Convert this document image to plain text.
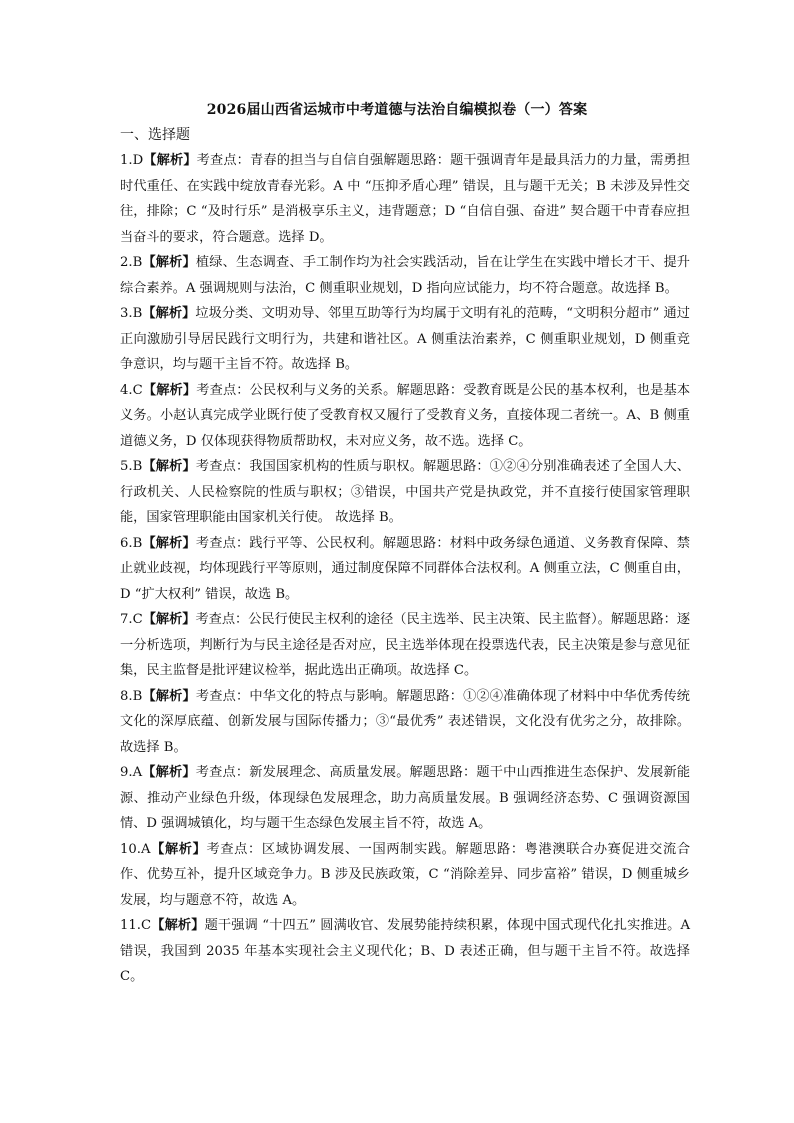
2026届山西省运城市中考道德与法治自编模拟卷（一）答案
一、选择题

1.D【解析】考查点：青春的担当与自信自强解题思路：题干强调青年是最具活力的力量，需勇担时代重任、在实践中绽放青春光彩。A 中 “压抑矛盾心理” 错误，且与题干无关；B 未涉及异性交往，排除；C “及时行乐” 是消极享乐主义，违背题意；D “自信自强、奋进” 契合题干中青春应担当奋斗的要求，符合题意。选择 D。

2.B【解析】植绿、生态调查、手工制作均为社会实践活动，旨在让学生在实践中增长才干、提升综合素养。A 强调规则与法治，C 侧重职业规划，D 指向应试能力，均不符合题意。故选择 B。

3.B【解析】垃圾分类、文明劝导、邻里互助等行为均属于文明有礼的范畴，“文明积分超市” 通过正向激励引导居民践行文明行为，共建和谐社区。A 侧重法治素养，C 侧重职业规划，D 侧重竞争意识，均与题干主旨不符。故选择 B。

4.C【解析】考查点：公民权利与义务的关系。解题思路：受教育既是公民的基本权利，也是基本义务。小赵认真完成学业既行使了受教育权又履行了受教育义务，直接体现二者统一。A、B 侧重道德义务，D 仅体现获得物质帮助权，未对应义务，故不选。选择 C。

5.B【解析】考查点：我国国家机构的性质与职权。解题思路：①②④分别准确表述了全国人大、行政机关、人民检察院的性质与职权；③错误，中国共产党是执政党，并不直接行使国家管理职能，国家管理职能由国家机关行使。 故选择 B。

6.B【解析】考查点：践行平等、公民权利。解题思路：材料中政务绿色通道、义务教育保障、禁止就业歧视，均体现践行平等原则，通过制度保障不同群体合法权利。A 侧重立法，C 侧重自由，D “扩大权利” 错误，故选 B。

7.C【解析】考查点：公民行使民主权利的途径（民主选举、民主决策、民主监督）。解题思路：逐一分析选项，判断行为与民主途径是否对应，民主选举体现在投票选代表，民主决策是参与意见征集，民主监督是批评建议检举，据此选出正确项。故选择 C。

8.B【解析】考查点：中华文化的特点与影响。解题思路：①②④准确体现了材料中中华优秀传统文化的深厚底蕴、创新发展与国际传播力；③“最优秀” 表述错误，文化没有优劣之分，故排除。故选择 B。

9.A【解析】考查点：新发展理念、高质量发展。解题思路：题干中山西推进生态保护、发展新能源、推动产业绿色升级，体现绿色发展理念，助力高质量发展。B 强调经济态势、C 强调资源国情、D 强调城镇化，均与题干生态绿色发展主旨不符，故选 A。

10.A【解析】考查点：区域协调发展、一国两制实践。解题思路：粤港澳联合办赛促进交流合作、优势互补，提升区域竞争力。B 涉及民族政策，C “消除差异、同步富裕” 错误，D 侧重城乡发展，均与题意不符，故选 A。

11.C【解析】题干强调 “十四五” 圆满收官、发展势能持续积累，体现中国式现代化扎实推进。A 错误，我国到 2035 年基本实现社会主义现代化；B、D 表述正确，但与题干主旨不符。故选择 C。
